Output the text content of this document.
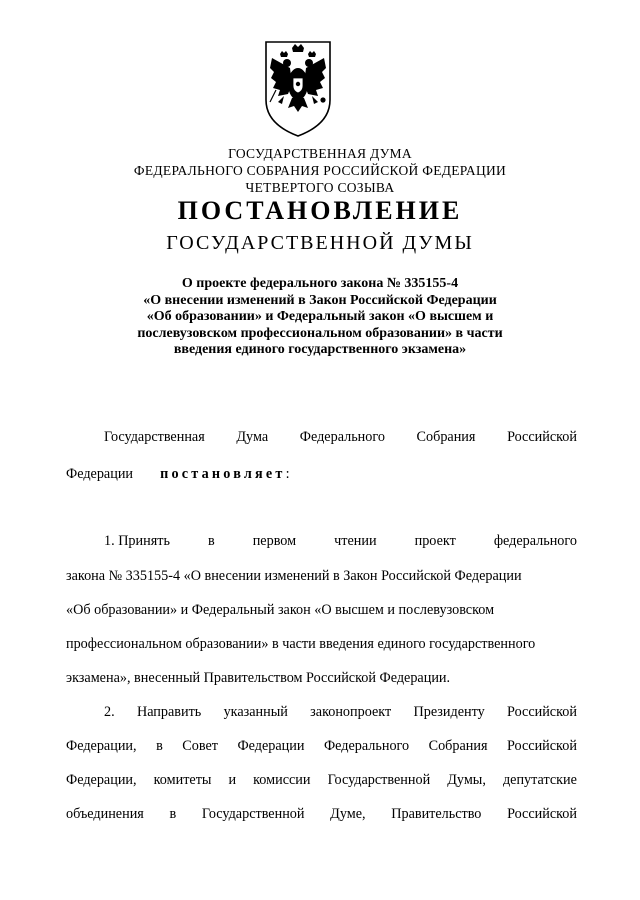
ГОСУДАРСТВЕННАЯ ДУМА
ФЕДЕРАЛЬНОГО СОБРАНИЯ РОССИЙСКОЙ ФЕДЕРАЦИИ
ЧЕТВЕРТОГО СОЗЫВА
ПОСТАНОВЛЕНИЕ
ГОСУДАРСТВЕННОЙ ДУМЫ
О проекте федерального закона № 335155-4
«О внесении изменений в Закон Российской Федерации
«Об образовании» и Федеральный закон «О высшем и
послевузовском профессиональном образовании» в части
введения единого государственного экзамена»
Государственная Дума Федерального Собрания Российской
Федерации постановляет:
1. Принять	в	первом	чтении	проект	федерального
закона № 335155-4 «О внесении изменений в Закон Российской Федерации
«Об образовании» и Федеральный закон «О высшем и послевузовском
профессиональном образовании» в части введения единого государственного
экзамена», внесенный Правительством Российской Федерации.
2. Направить указанный законопроект Президенту Российской
Федерации, в Совет Федерации Федерального Собрания Российской
Федерации, комитеты и комиссии Государственной Думы, депутатские
объединения в Государственной Думе, Правительство Российской
